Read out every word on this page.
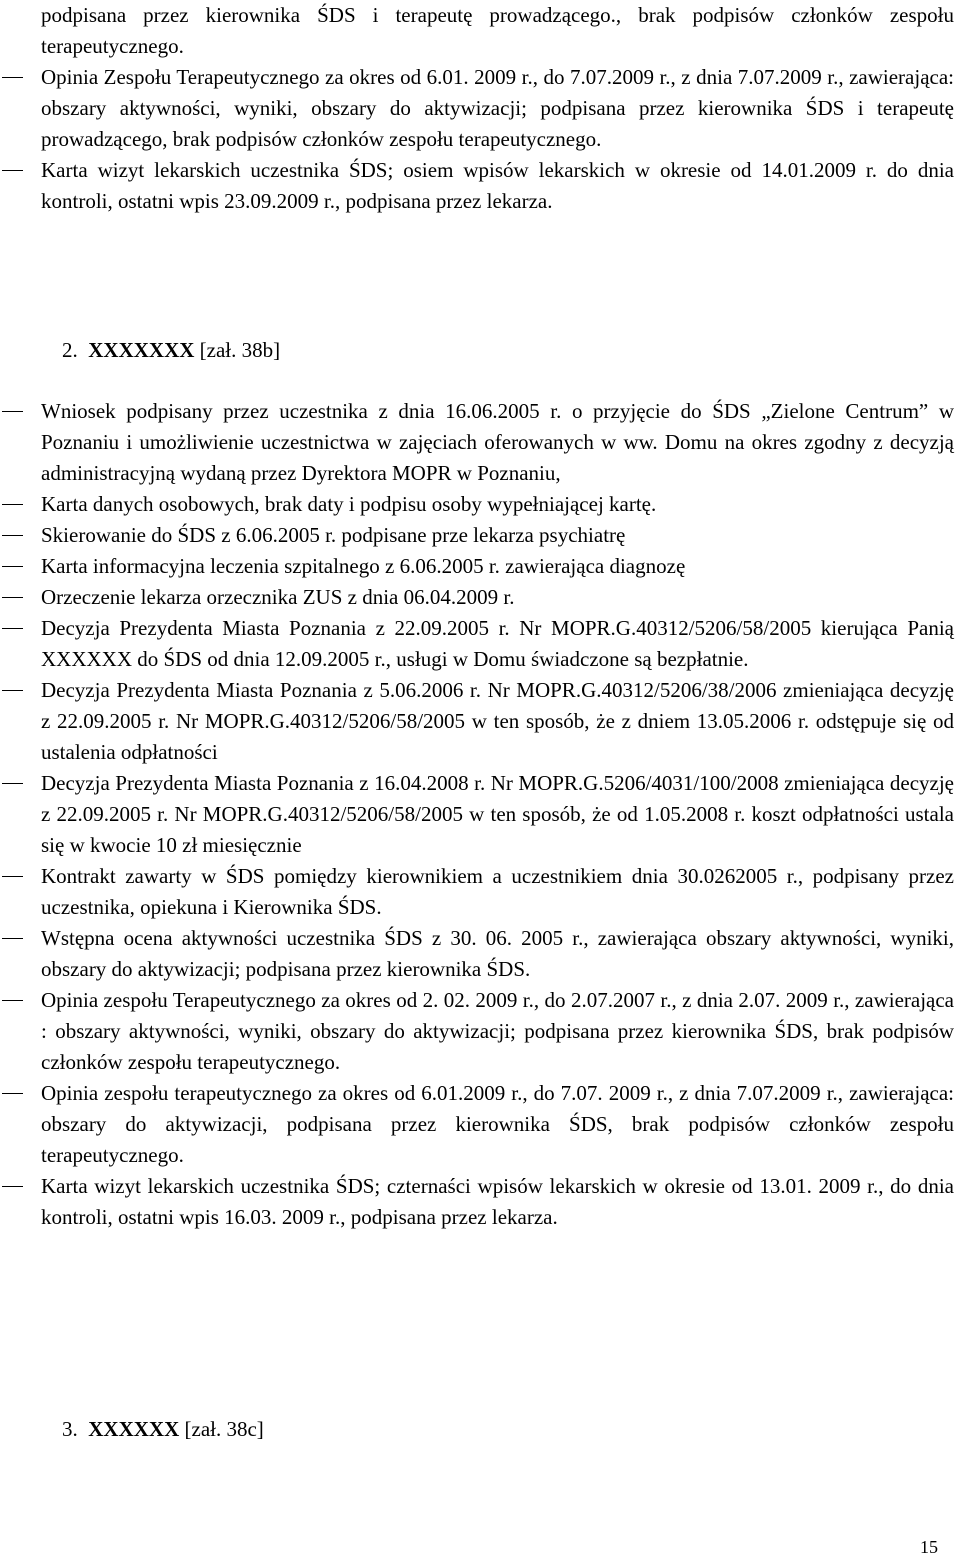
podpisana przez kierownika ŚDS i terapeutę prowadzącego., brak podpisów członków zespołu terapeutycznego.

Opinia Zespołu Terapeutycznego za okres od 6.01. 2009 r., do 7.07.2009 r., z dnia 7.07.2009 r., zawierająca: obszary aktywności, wyniki, obszary do aktywizacji; podpisana przez kierownika ŚDS i terapeutę prowadzącego, brak podpisów członków zespołu terapeutycznego.

Karta wizyt lekarskich uczestnika ŚDS; osiem wpisów lekarskich w okresie od 14.01.2009 r. do dnia kontroli, ostatni wpis 23.09.2009 r., podpisana przez lekarza.

2. XXXXXXX [zał. 38b]

Wniosek podpisany przez uczestnika z dnia 16.06.2005 r. o przyjęcie do ŚDS „Zielone Centrum” w Poznaniu i umożliwienie uczestnictwa w zajęciach oferowanych w ww. Domu na okres zgodny z decyzją administracyjną wydaną przez Dyrektora MOPR w Poznaniu,

Karta danych osobowych, brak daty i podpisu osoby wypełniającej kartę.

Skierowanie do ŚDS z 6.06.2005 r. podpisane prze lekarza psychiatrę

Karta informacyjna leczenia szpitalnego z 6.06.2005 r. zawierająca diagnozę

Orzeczenie lekarza orzecznika ZUS z dnia 06.04.2009 r.

Decyzja Prezydenta Miasta Poznania z 22.09.2005 r. Nr MOPR.G.40312/5206/58/2005 kierująca Panią XXXXXX do ŚDS od dnia 12.09.2005 r., usługi w Domu świadczone są bezpłatnie.

Decyzja Prezydenta Miasta Poznania z 5.06.2006 r. Nr MOPR.G.40312/5206/38/2006 zmieniająca decyzję z 22.09.2005 r. Nr MOPR.G.40312/5206/58/2005 w ten sposób, że z dniem 13.05.2006 r. odstępuje się od ustalenia odpłatności

Decyzja Prezydenta Miasta Poznania z 16.04.2008 r. Nr MOPR.G.5206/4031/100/2008 zmieniająca decyzję z 22.09.2005 r. Nr MOPR.G.40312/5206/58/2005 w ten sposób, że od 1.05.2008 r. koszt odpłatności ustala się w kwocie 10 zł miesięcznie

Kontrakt zawarty w ŚDS pomiędzy kierownikiem a uczestnikiem dnia 30.0262005 r., podpisany przez uczestnika, opiekuna i Kierownika ŚDS.

Wstępna ocena aktywności uczestnika ŚDS z 30. 06. 2005 r., zawierająca obszary aktywności, wyniki, obszary do aktywizacji; podpisana przez kierownika ŚDS.

Opinia zespołu Terapeutycznego za okres od 2. 02. 2009 r., do 2.07.2007 r., z dnia 2.07. 2009 r., zawierająca : obszary aktywności, wyniki, obszary do aktywizacji; podpisana przez kierownika ŚDS, brak podpisów członków zespołu terapeutycznego.

Opinia zespołu terapeutycznego za okres od 6.01.2009 r., do 7.07. 2009 r., z dnia 7.07.2009 r., zawierająca: obszary do aktywizacji, podpisana przez kierownika ŚDS, brak podpisów członków zespołu terapeutycznego.

Karta wizyt lekarskich uczestnika ŚDS; czternaści wpisów lekarskich w okresie od 13.01. 2009 r., do dnia kontroli, ostatni wpis 16.03. 2009 r., podpisana przez lekarza.

3. XXXXXX [zał. 38c]
15
